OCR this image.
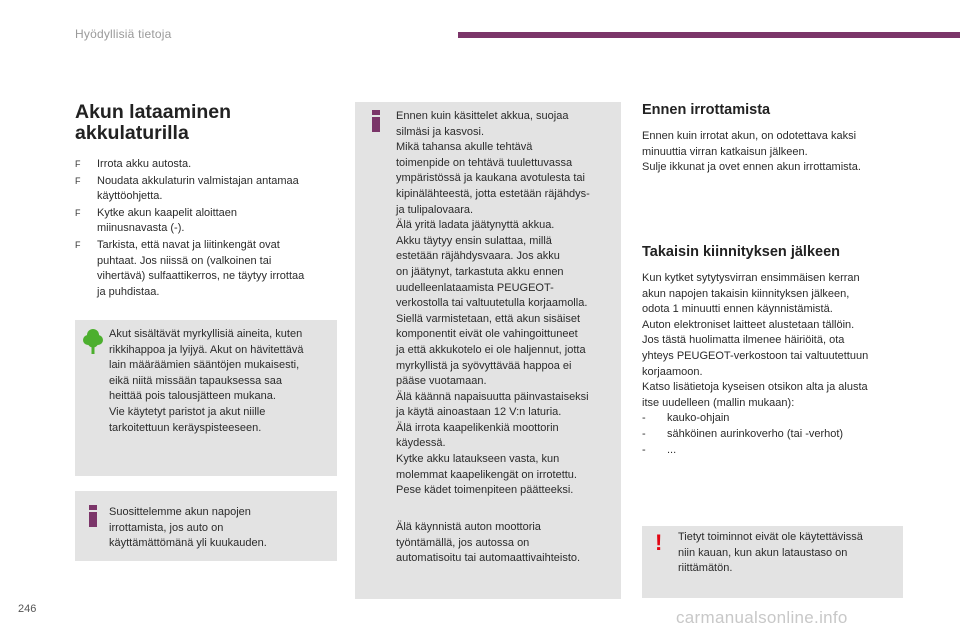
Hyödyllisiä tietoja
Akun lataaminen
akkulaturilla
F Irrota akku autosta.
F Noudata akkulaturin valmistajan antamaa
käyttöohjetta.
F Kytke akun kaapelit aloittaen
miinusnavasta (-).
F Tarkista, että navat ja liitinkengät ovat
puhtaat. Jos niissä on (valkoinen tai
vihertävä) sulfaattikerros, ne täytyy irrottaa
ja puhdistaa.
Akut sisältävät myrkyllisiä aineita, kuten
rikkihappoa ja lyijyä. Akut on hävitettävä
lain määräämien sääntöjen mukaisesti,
eikä niitä missään tapauksessa saa
heittää pois talousjätteen mukana.
Vie käytetyt paristot ja akut niille
tarkoitettuun keräyspisteeseen.
Suosittelemme akun napojen
irrottamista, jos auto on
käyttämättömänä yli kuukauden.
Ennen kuin käsittelet akkua, suojaa
silmäsi ja kasvosi.
Mikä tahansa akulle tehtävä
toimenpide on tehtävä tuulettuvassa
ympäristössä ja kaukana avotulesta tai
kipinälähteestä, jotta estetään räjähdys-
ja tulipalovaara.
Älä yritä ladata jäätynyttä akkua.
Akku täytyy ensin sulattaa, millä
estetään räjähdysvaara. Jos akku
on jäätynyt, tarkastuta akku ennen
uudelleenlataamista PEUGEOT-
verkostolla tai valtuutetulla korjaamolla.
Siellä varmistetaan, että akun sisäiset
komponentit eivät ole vahingoittuneet
ja että akkukotelo ei ole haljennut, jotta
myrkyllistä ja syövyttävää happoa ei
pääse vuotamaan.
Älä käännä napaisuutta päinvastaiseksi
ja käytä ainoastaan 12 V:n laturia.
Älä irrota kaapelikenkiä moottorin
käydessä.
Kytke akku lataukseen vasta, kun
molemmat kaapelikengät on irrotettu.
Pese kädet toimenpiteen päätteeksi.
Älä käynnistä auton moottoria
työntämällä, jos autossa on
automatisoitu tai automaattivaihteisto.
Ennen irrottamista

Ennen kuin irrotat akun, on odotettava kaksi
minuuttia virran katkaisun jälkeen.
Sulje ikkunat ja ovet ennen akun irrottamista.

Takaisin kiinnityksen jälkeen

Kun kytket sytytysvirran ensimmäisen kerran
akun napojen takaisin kiinnityksen jälkeen,
odota 1 minuutti ennen käynnistämistä.
Auton elektroniset laitteet alustetaan tällöin.
Jos tästä huolimatta ilmenee häiriöitä, ota
yhteys PEUGEOT-verkostoon tai valtuutettuun
korjaamoon.
Katso lisätietoja kyseisen otsikon alta ja alusta
itse uudelleen (mallin mukaan):

- kauko-ohjain
- sähköinen aurinkoverho (tai -verhot)
- ...
! Tietyt toiminnot eivät ole käytettävissä
niin kauan, kun akun lataustaso on
riittämätön.
246	carmanualsonline.info
